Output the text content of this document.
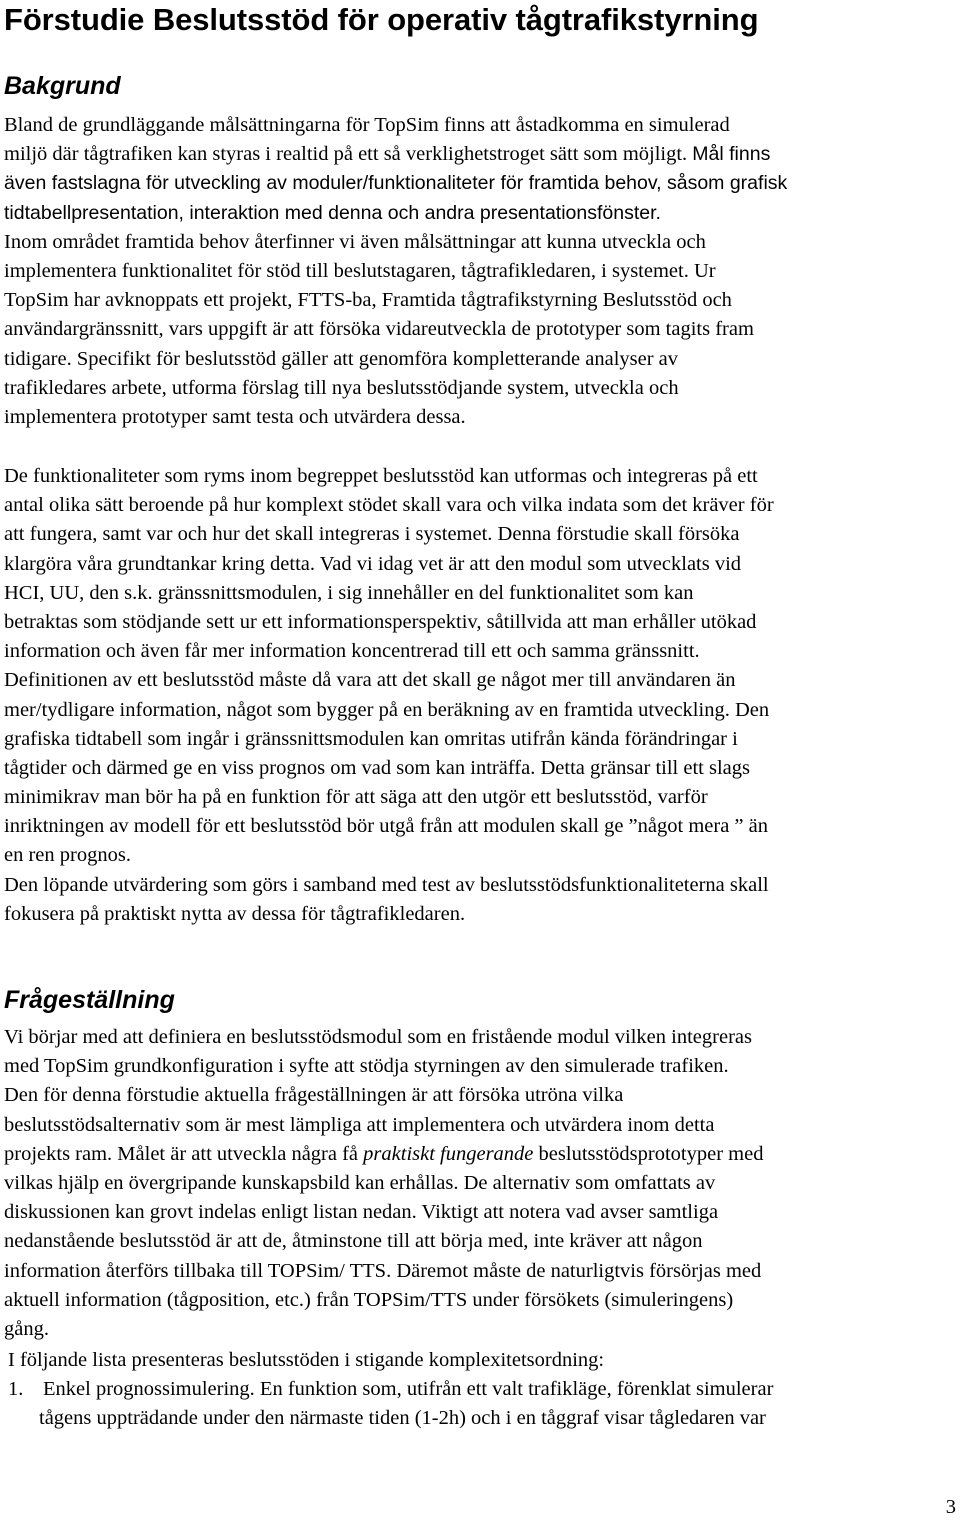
Förstudie Beslutsstöd för operativ tågtrafikstyrning
Bakgrund
Bland de grundläggande målsättningarna för TopSim finns att åstadkomma en simulerad
miljö där tågtrafiken kan styras i realtid på ett så verklighetstroget sätt som möjligt. Mål finns
även fastslagna för utveckling av moduler/funktionaliteter för framtida behov, såsom grafisk
tidtabellpresentation, interaktion med denna och andra presentationsfönster.
Inom området framtida behov återfinner vi även målsättningar att kunna utveckla och
implementera funktionalitet för stöd till beslutstagaren, tågtrafikledaren, i systemet. Ur
TopSim har avknoppats ett projekt, FTTS-ba, Framtida tågtrafikstyrning Beslutsstöd och
användargränssnitt, vars uppgift är att försöka vidareutveckla de prototyper som tagits fram
tidigare. Specifikt för beslutsstöd gäller att genomföra kompletterande analyser av
trafikledares arbete, utforma förslag till nya beslutsstödjande system, utveckla och
implementera prototyper samt testa och utvärdera dessa.
De funktionaliteter som ryms inom begreppet beslutsstöd kan utformas och integreras på ett
antal olika sätt beroende på hur komplext stödet skall vara och vilka indata som det kräver för
att fungera, samt var och hur det skall integreras i systemet. Denna förstudie skall försöka
klargöra våra grundtankar kring detta. Vad vi idag vet är att den modul som utvecklats vid
HCI, UU, den s.k. gränssnittsmodulen, i sig innehåller en del funktionalitet som kan
betraktas som stödjande sett ur ett informationsperspektiv, såtillvida att man erhåller utökad
information och även får mer information koncentrerad till ett och samma gränssnitt.
Definitionen av ett beslutsstöd måste då vara att det skall ge något mer till användaren än
mer/tydligare information, något som bygger på en beräkning av en framtida utveckling. Den
grafiska tidtabell som ingår i gränssnittsmodulen kan omritas utifrån kända förändringar i
tågtider och därmed ge en viss prognos om vad som kan inträffa. Detta gränsar till ett slags
minimikrav man bör ha på en funktion för att säga att den utgör ett beslutsstöd, varför
inriktningen av modell för ett beslutsstöd bör utgå från att modulen skall ge ”något mera ” än
en ren prognos.
Den löpande utvärdering som görs i samband med test av beslutsstödsfunktionaliteterna skall
fokusera på praktiskt nytta av dessa för tågtrafikledaren.
Frågeställning
Vi börjar med att definiera en beslutsstödsmodul som en fristående modul vilken integreras
med TopSim grundkonfiguration i syfte att stödja styrningen av den simulerade trafiken.
Den för denna förstudie aktuella frågeställningen är att försöka utröna vilka
beslutsstödsalternativ som är mest lämpliga att implementera och utvärdera inom detta
projekts ram. Målet är att utveckla några få praktiskt fungerande beslutsstödsprototyper med
vilkas hjälp en övergripande kunskapsbild kan erhållas. De alternativ som omfattats av
diskussionen kan grovt indelas enligt listan nedan. Viktigt att notera vad avser samtliga
nedanstående beslutsstöd är att de, åtminstone till att börja med, inte kräver att någon
information återförs tillbaka till TOPSim/ TTS. Däremot måste de naturligtvis försörjas med
aktuell information (tågposition, etc.) från TOPSim/TTS under försökets (simuleringens)
gång.
I följande lista presenteras beslutsstöden i stigande komplexitetsordning:
1. Enkel prognossimulering. En funktion som, utifrån ett valt trafikläge, förenklat simulerar
tågens uppträdande under den närmaste tiden (1-2h) och i en tåggraf visar tågledaren var
3
